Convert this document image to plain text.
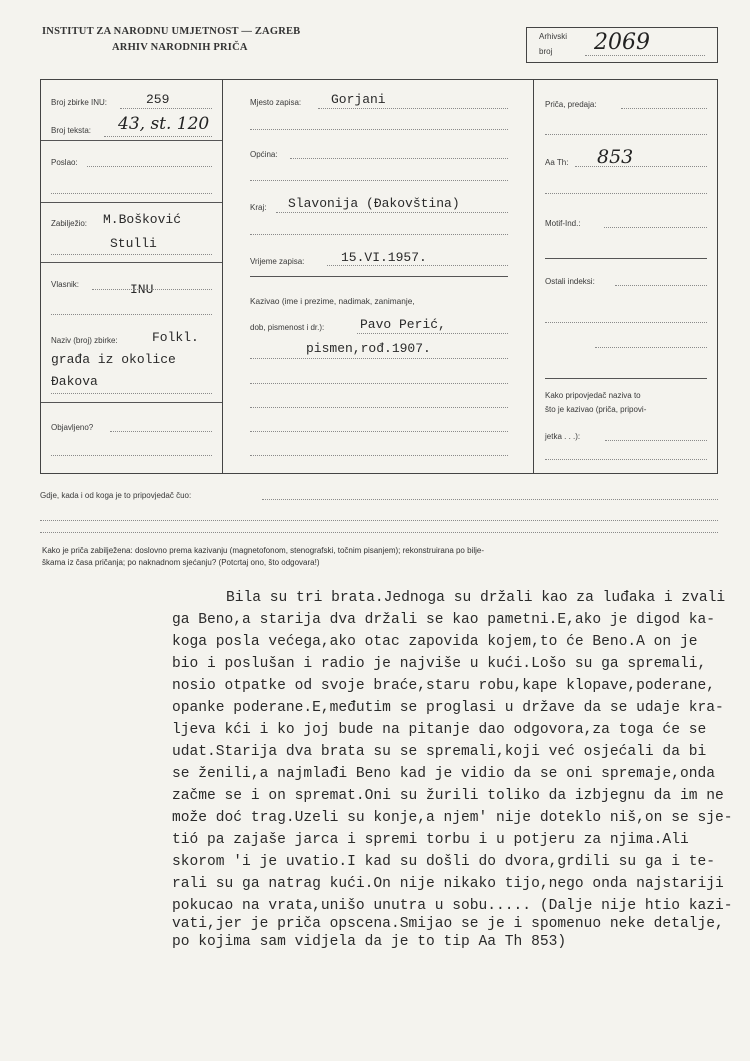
INSTITUT ZA NARODNU UMJETNOST — ZAGREB
ARHIV NARODNIH PRIČA
Arhivski
broj 2069
Broj zbirke INU:	259
Broj teksta: 43, st. 120
Poslao:
Zabilježio: M.Bošković
Stulli
Vlasnik:	INU
Naziv (broj) zbirke:	Folkl.
građa iz okolice
Đakova
Objavljeno?
Mjesto zapisa: Gorjani
Općina:
Kraj: Slavonija (Đakovština)
Vrijeme zapisa:	15.VI.1957.
Kazivao (ime i prezime, nadimak, zanimanje,
dob, pismenost i dr.):	Pavo Perić,
pismen,rođ.1907.
Priča, predaja:
Aa Th: 853
Motif-Ind.:
Ostali indeksi:
Kako pripovjedač naziva to
što je kazivao (priča, pripovi-
jetka . . .):
Gdje, kada i od koga je to pripovjedač čuo:
Kako je priča zabilježena: doslovno prema kazivanju (magnetofonom, stenografski, točnim pisanjem); rekonstruirana po bilje-
škama iz časa pričanja; po naknadnom sjećanju? (Potcrtaj ono, što odgovara!)
Bila su tri brata.Jednoga su držali kao za luđaka i zvali
ga Beno,a starija dva držali se kao pametni.E,ako je digod ka-
koga posla većega,ako otac zapovida kojem,to će Beno.A on je
bio i poslušan i radio je najviše u kući.Lošo su ga spremali,
nosio otpatke od svoje braće,staru robu,kape klopave,poderane,
opanke poderane.E,međutim se proglasi u države da se udaje kra-
ljeva kći i ko joj bude na pitanje dao odgovora,za toga će se
udat.Starija dva brata su se spremali,koji već osjećali da bi
se ženili,a najmlađi Beno kad je vidio da se oni spremaje,onda
začme se i on spremat.Oni su žurili toliko da izbjegnu da im ne
može doć trag.Uzeli su konje,a njem' nije doteklo niš,on se sje-
tió pa zajaše jarca i spremi torbu i u potjeru za njima.Ali
skorom 'i je uvatio.I kad su došli do dvora,grdili su ga i te-
rali su ga natrag kući.On nije nikako tijo,nego onda najstariji
pokucao na vrata,unišo unutra u sobu..... (Dalje nije htio kazi-
vati,jer je priča opscena.Smijao se je i spomenuo neke detalje,
po kojima sam vidjela da je to tip Aa Th 853)
